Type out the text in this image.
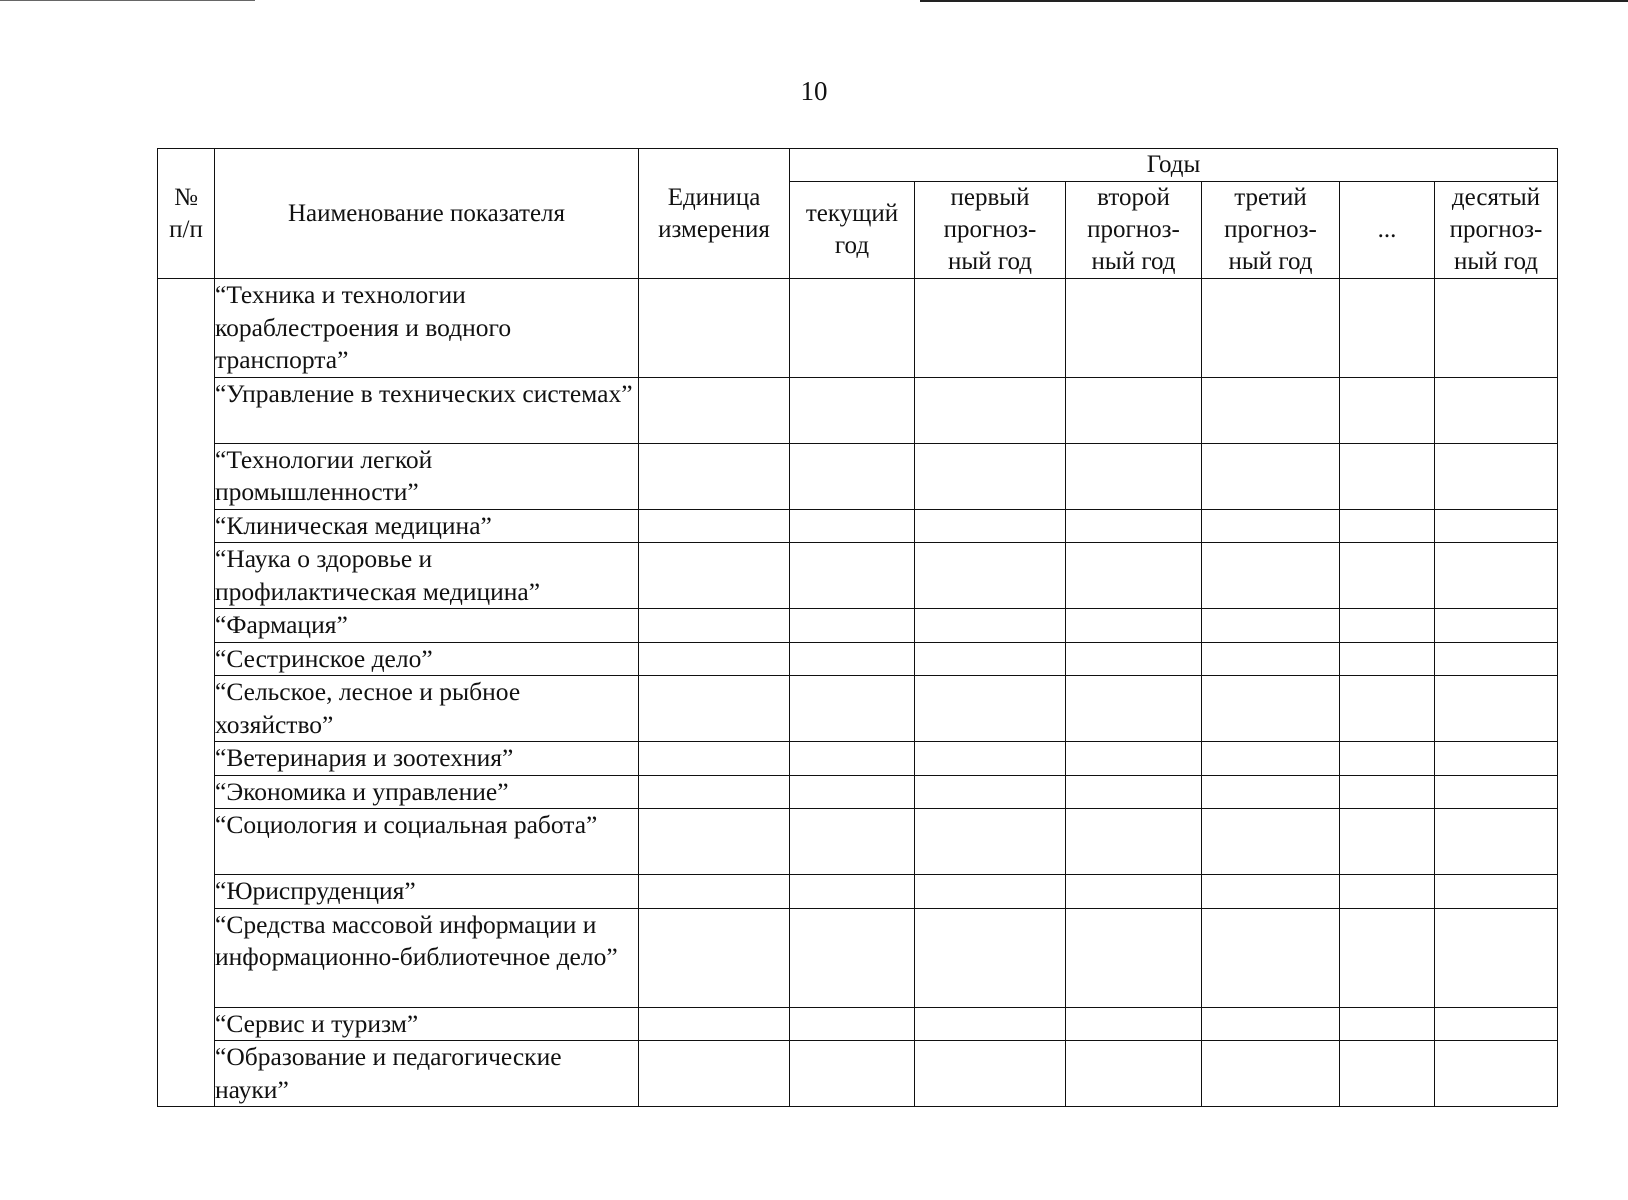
10
№ п/п	Наименование показателя	Единица измерения	Годы					
			текущий год	первый прогноз-ный год	второй прогноз-ный год	третий прогноз-ный год	...	десятый прогноз-ный год
	“Техника и технологии кораблестроения и водного транспорта”							
	“Управление в технических системах”							
	“Технологии легкой промышленности”							
	“Клиническая медицина”							
	“Наука о здоровье и профилактическая медицина”							
	“Фармация”							
	“Сестринское дело”							
	“Сельское, лесное и рыбное хозяйство”							
	“Ветеринария и зоотехния”							
	“Экономика и управление”							
	“Социология и социальная работа”							
	“Юриспруденция”							
	“Средства массовой информации и информационно-библиотечное дело”							
	“Сервис и туризм”							
	“Образование и педагогические науки”							
